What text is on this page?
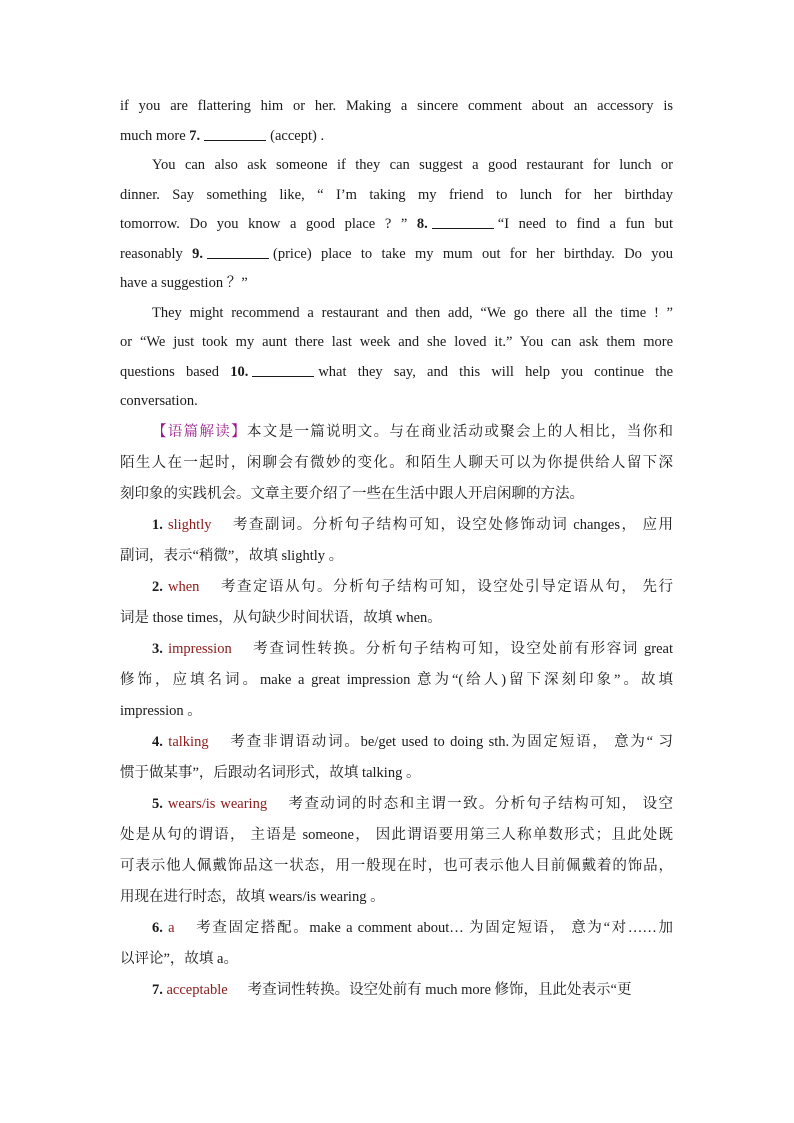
if you are flattering him or her. Making a sincere comment about an accessory is

much more 7.	(accept) .

You can also ask someone if they can suggest a good restaurant for lunch or

dinner. Say something like, “ I’m taking my friend to lunch for her birthday

tomorrow. Do you know a good place ? ” 8.	“I need to find a fun but

reasonably 9.	(price) place to take my mum out for her birthday. Do you

have a suggestion ？”

They might recommend a restaurant and then add, “We go there all the time ! ”

or “We just took my aunt there last week and she loved it.” You can ask them more

questions based 10.	what they say, and this will help you continue the

conversation.

【语篇解读】本文是一篇说明文。与在商业活动或聚会上的人相比，当你和

陌生人在一起时，闲聊会有微妙的变化。和陌生人聊天可以为你提供给人留下深

刻印象的实践机会。文章主要介绍了一些在生活中跟人开启闲聊的方法。

1. slightly 考查副词。分析句子结构可知，设空处修饰动词 changes， 应用

副词，表示“稍微”，故填 slightly 。

2. when 考查定语从句。分析句子结构可知，设空处引导定语从句， 先行

词是 those times，从句缺少时间状语，故填 when。

3. impression 考查词性转换。分析句子结构可知，设空处前有形容词 great

修饰，应填名词。make a great impression 意为“(给人)留下深刻印象”。故填

impression 。

4. talking 考查非谓语动词。be/get used to doing sth.为固定短语， 意为“ 习

惯于做某事”，后跟动名词形式，故填 talking 。

5. wears/is wearing 考查动词的时态和主谓一致。分析句子结构可知， 设空

处是从句的谓语， 主语是 someone， 因此谓语要用第三人称单数形式；且此处既

可表示他人佩戴饰品这一状态，用一般现在时，也可表示他人目前佩戴着的饰品，

用现在进行时态，故填 wears/is wearing 。

6. a 考查固定搭配。make a comment about… 为固定短语， 意为“对……加

以评论”，故填 a。

7. acceptable 考查词性转换。设空处前有 much more 修饰，且此处表示“更
